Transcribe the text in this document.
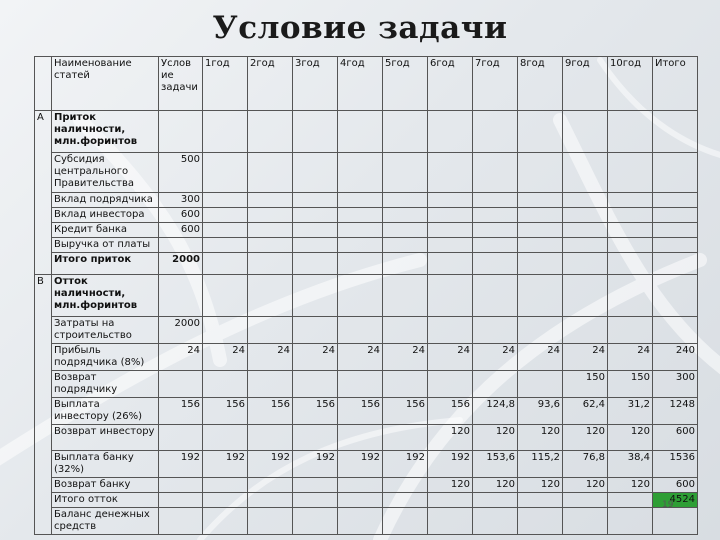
Условие задачи
	Наименование статей	Услов ие задачи	1год	2год	3год	4год	5год	6год	7год	8год	9год	10год	Итого
А	Приток наличности, млн.форинтов												
	Субсидия центрального Правительства	500											
	Вклад подрядчика	300											
	Вклад инвестора	600											
	Кредит банка	600											
	Выручка от платы												
	Итого приток	2000											
В	Отток наличности, млн.форинтов												
	Затраты на строительство	2000											
	Прибыль подрядчика (8%)	24	24	24	24	24	24	24	24	24	24	24	240
	Возврат подрядчику										150	150	300
	Выплата инвестору (26%)	156	156	156	156	156	156	156	124,8	93,6	62,4	31,2	1248
	Возврат инвестору							120	120	120	120	120	600
	Выплата банку (32%)	192	192	192	192	192	192	192	153,6	115,2	76,8	38,4	1536
	Возврат банку							120	120	120	120	120	600
	Итого отток												4524
	Баланс денежных средств												
19
